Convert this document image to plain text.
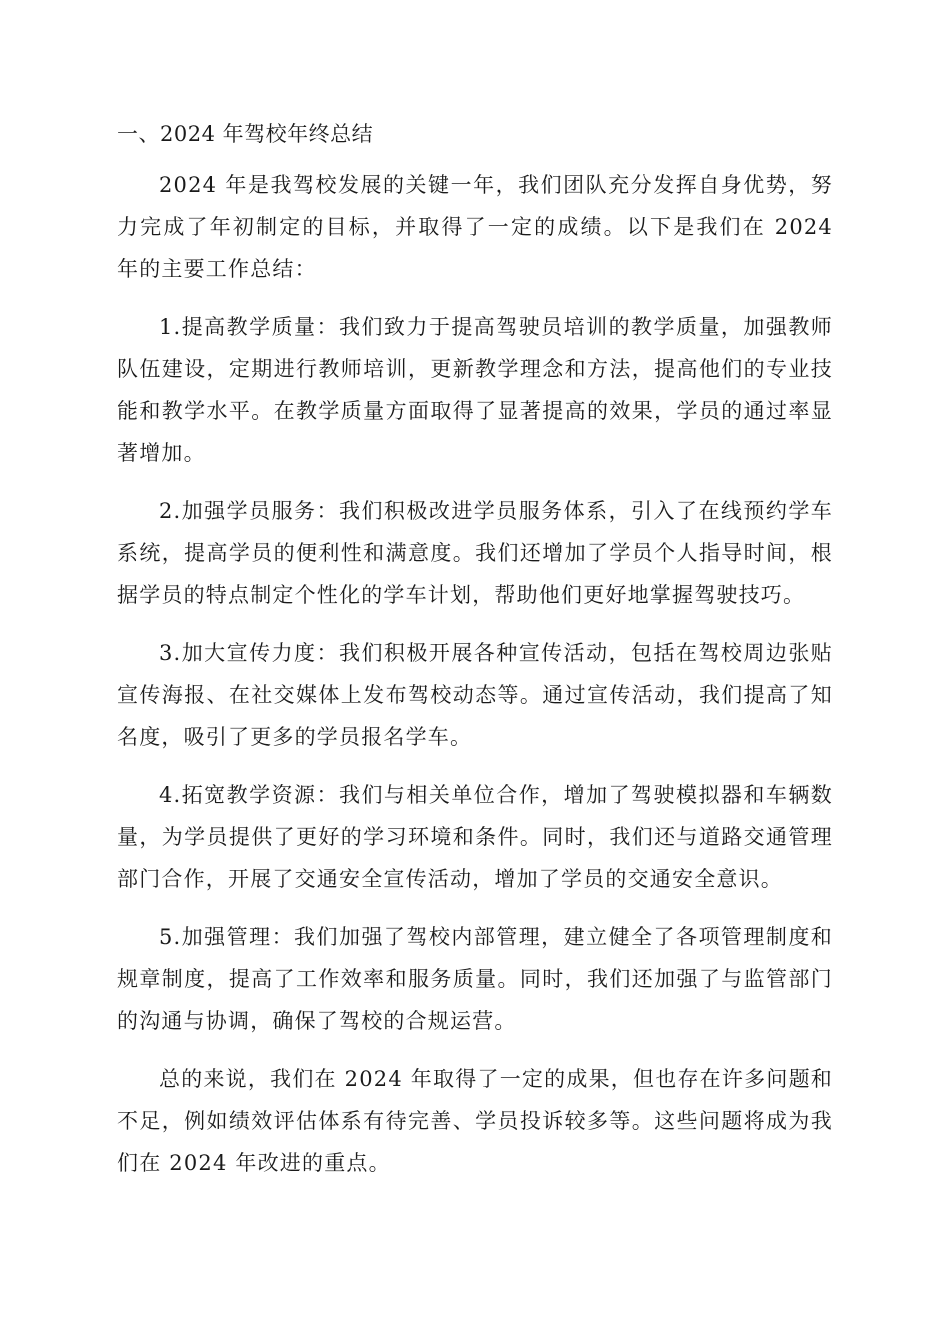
一、2024 年驾校年终总结

2024 年是我驾校发展的关键一年，我们团队充分发挥自身优势，努力完成了年初制定的目标，并取得了一定的成绩。以下是我们在 2024 年的主要工作总结：

1.提高教学质量：我们致力于提高驾驶员培训的教学质量，加强教师队伍建设，定期进行教师培训，更新教学理念和方法，提高他们的专业技能和教学水平。在教学质量方面取得了显著提高的效果，学员的通过率显著增加。

2.加强学员服务：我们积极改进学员服务体系，引入了在线预约学车系统，提高学员的便利性和满意度。我们还增加了学员个人指导时间，根据学员的特点制定个性化的学车计划，帮助他们更好地掌握驾驶技巧。

3.加大宣传力度：我们积极开展各种宣传活动，包括在驾校周边张贴宣传海报、在社交媒体上发布驾校动态等。通过宣传活动，我们提高了知名度，吸引了更多的学员报名学车。

4.拓宽教学资源：我们与相关单位合作，增加了驾驶模拟器和车辆数量，为学员提供了更好的学习环境和条件。同时，我们还与道路交通管理部门合作，开展了交通安全宣传活动，增加了学员的交通安全意识。

5.加强管理：我们加强了驾校内部管理，建立健全了各项管理制度和规章制度，提高了工作效率和服务质量。同时，我们还加强了与监管部门的沟通与协调，确保了驾校的合规运营。

总的来说，我们在 2024 年取得了一定的成果，但也存在许多问题和不足，例如绩效评估体系有待完善、学员投诉较多等。这些问题将成为我们在 2024 年改进的重点。
